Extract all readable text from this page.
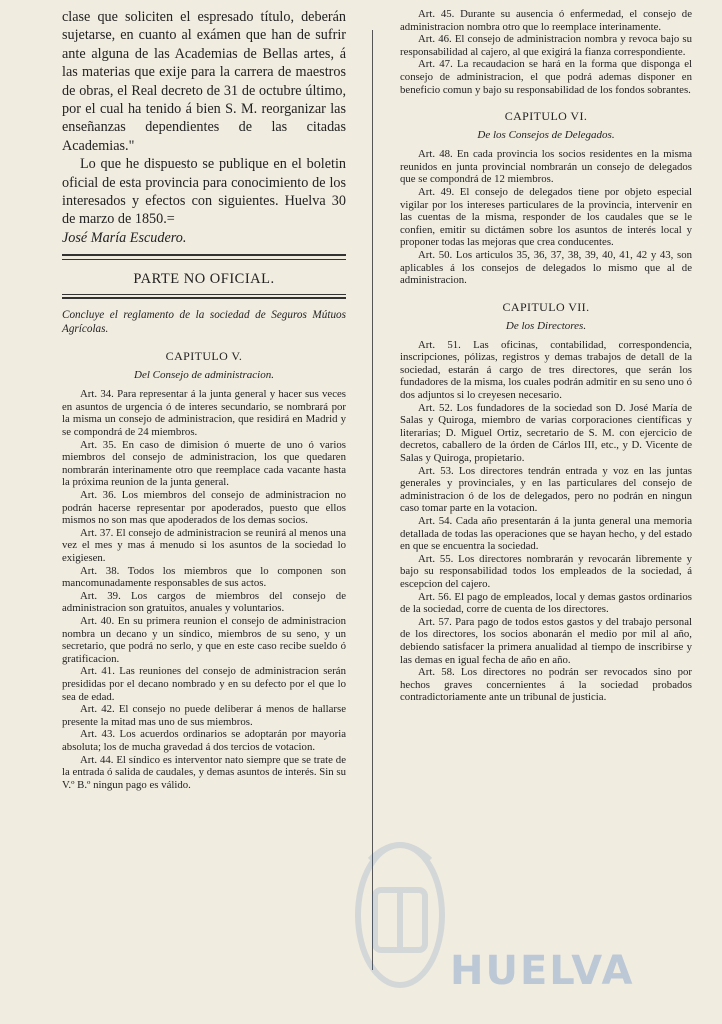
clase que soliciten el espresado título, deberán sujetarse, en cuanto al exámen que han de sufrir ante alguna de las Academias de Bellas artes, á las materias que exije para la carrera de maestros de obras, el Real decreto de 31 de octubre último, por el cual ha tenido á bien S. M. reorganizar las enseñanzas dependientes de las citadas Academias."

Lo que he dispuesto se publique en el boletin oficial de esta provincia para conocimiento de los interesados y efectos con siguientes. Huelva 30 de marzo de 1850.=
José María Escudero.

PARTE NO OFICIAL.

Concluye el reglamento de la sociedad de Seguros Mútuos Agrícolas.

CAPITULO V.
Del Consejo de administracion.

Art. 34. Para representar á la junta general y hacer sus veces en asuntos de urgencia ó de interes secundario, se nombrará por la misma un consejo de administracion, que residirá en Madrid y se compondrá de 24 miembros.

Art. 35. En caso de dimision ó muerte de uno ó varios miembros del consejo de administracion, los que quedaren nombrarán interinamente otro que reemplace cada vacante hasta la próxima reunion de la junta general.

Art. 36. Los miembros del consejo de administracion no podrán hacerse representar por apoderados, puesto que ellos mismos no son mas que apoderados de los demas socios.

Art. 37. El consejo de administracion se reunirá al menos una vez el mes y mas á menudo si los asuntos de la sociedad lo exigiesen.

Art. 38. Todos los miembros que lo componen son mancomunadamente responsables de sus actos.

Art. 39. Los cargos de miembros del consejo de administracion son gratuitos, anuales y voluntarios.

Art. 40. En su primera reunion el consejo de administracion nombra un decano y un síndico, miembros de su seno, y un secretario, que podrá no serlo, y que en este caso recibe sueldo ó gratificacion.

Art. 41. Las reuniones del consejo de administracion serán presididas por el decano nombrado y en su defecto por el que lo sea de edad.

Art. 42. El consejo no puede deliberar á menos de hallarse presente la mitad mas uno de sus miembros.

Art. 43. Los acuerdos ordinarios se adoptarán por mayoria absoluta; los de mucha gravedad á dos tercios de votacion.

Art. 44. El síndico es interventor nato siempre que se trate de la entrada ó salida de caudales, y demas asuntos de interés. Sin su V.º B.º ningun pago es válido.

Art. 45. Durante su ausencia ó enfermedad, el consejo de administracion nombra otro que lo reemplace interinamente.

Art. 46. El consejo de administracion nombra y revoca bajo su responsabilidad al cajero, al que exigirá la fianza correspondiente.

Art. 47. La recaudacion se hará en la forma que disponga el consejo de administracion, el que podrá ademas disponer en beneficio comun y bajo su responsabilidad de los fondos sobrantes.

CAPITULO VI.
De los Consejos de Delegados.

Art. 48. En cada provincia los socios residentes en la misma reunidos en junta provincial nombrarán un consejo de delegados que se compondrá de 12 miembros.

Art. 49. El consejo de delegados tiene por objeto especial vigilar por los intereses particulares de la provincia, intervenir en las cuentas de la misma, responder de los caudales que se le confien, emitir su dictámen sobre los asuntos de interés local y proponer todas las mejoras que crea conducentes.

Art. 50. Los articulos 35, 36, 37, 38, 39, 40, 41, 42 y 43, son aplicables á los consejos de delegados lo mismo que al de administracion.

CAPITULO VII.
De los Directores.

Art. 51. Las oficinas, contabilidad, correspondencia, inscripciones, pólizas, registros y demas trabajos de detall de la sociedad, estarán á cargo de tres directores, que serán los fundadores de la misma, los cuales podrán admitir en su seno uno ó dos adjuntos si lo creyesen necesario.

Art. 52. Los fundadores de la sociedad son D. José María de Salas y Quiroga, miembro de varias corporaciones científicas y literarias; D. Miguel Ortiz, secretario de S. M. con ejercicio de decretos, caballero de la órden de Cárlos III, etc., y D. Vicente de Salas y Quiroga, propietario.

Art. 53. Los directores tendrán entrada y voz en las juntas generales y provinciales, y en las particulares del consejo de administracion ó de los de delegados, pero no podrán en ningun caso tomar parte en la votacion.

Art. 54. Cada año presentarán á la junta general una memoria detallada de todas las operaciones que se hayan hecho, y del estado en que se encuentra la sociedad.

Art. 55. Los directores nombrarán y revocarán libremente y bajo su responsabilidad todos los empleados de la sociedad, á escepcion del cajero.

Art. 56. El pago de empleados, local y demas gastos ordinarios de la sociedad, corre de cuenta de los directores.

Art. 57. Para pago de todos estos gastos y del trabajo personal de los directores, los socios abonarán el medio por mil al año, debiendo satisfacer la primera anualidad al tiempo de inscribirse y las demas en igual fecha de año en año.

Art. 58. Los directores no podrán ser revocados sino por hechos graves concernientes á la sociedad probados contradictoriamente ante un tribunal de justicia.

HUELVA
